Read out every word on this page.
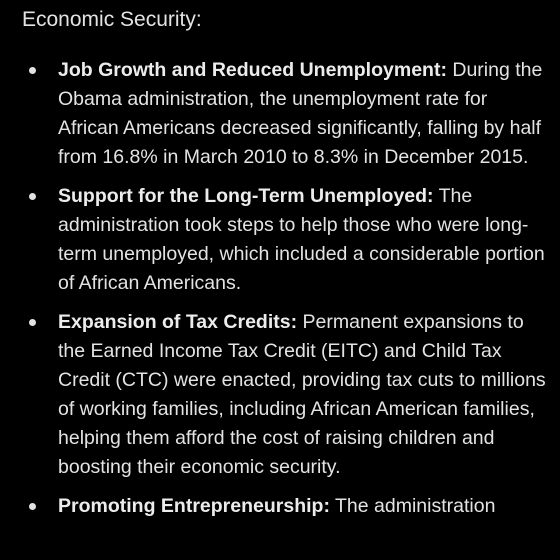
Economic Security:
Job Growth and Reduced Unemployment: During the Obama administration, the unemployment rate for African Americans decreased significantly, falling by half from 16.8% in March 2010 to 8.3% in December 2015.
Support for the Long-Term Unemployed: The administration took steps to help those who were long-term unemployed, which included a considerable portion of African Americans.
Expansion of Tax Credits: Permanent expansions to the Earned Income Tax Credit (EITC) and Child Tax Credit (CTC) were enacted, providing tax cuts to millions of working families, including African American families, helping them afford the cost of raising children and boosting their economic security.
Promoting Entrepreneurship: The administration
